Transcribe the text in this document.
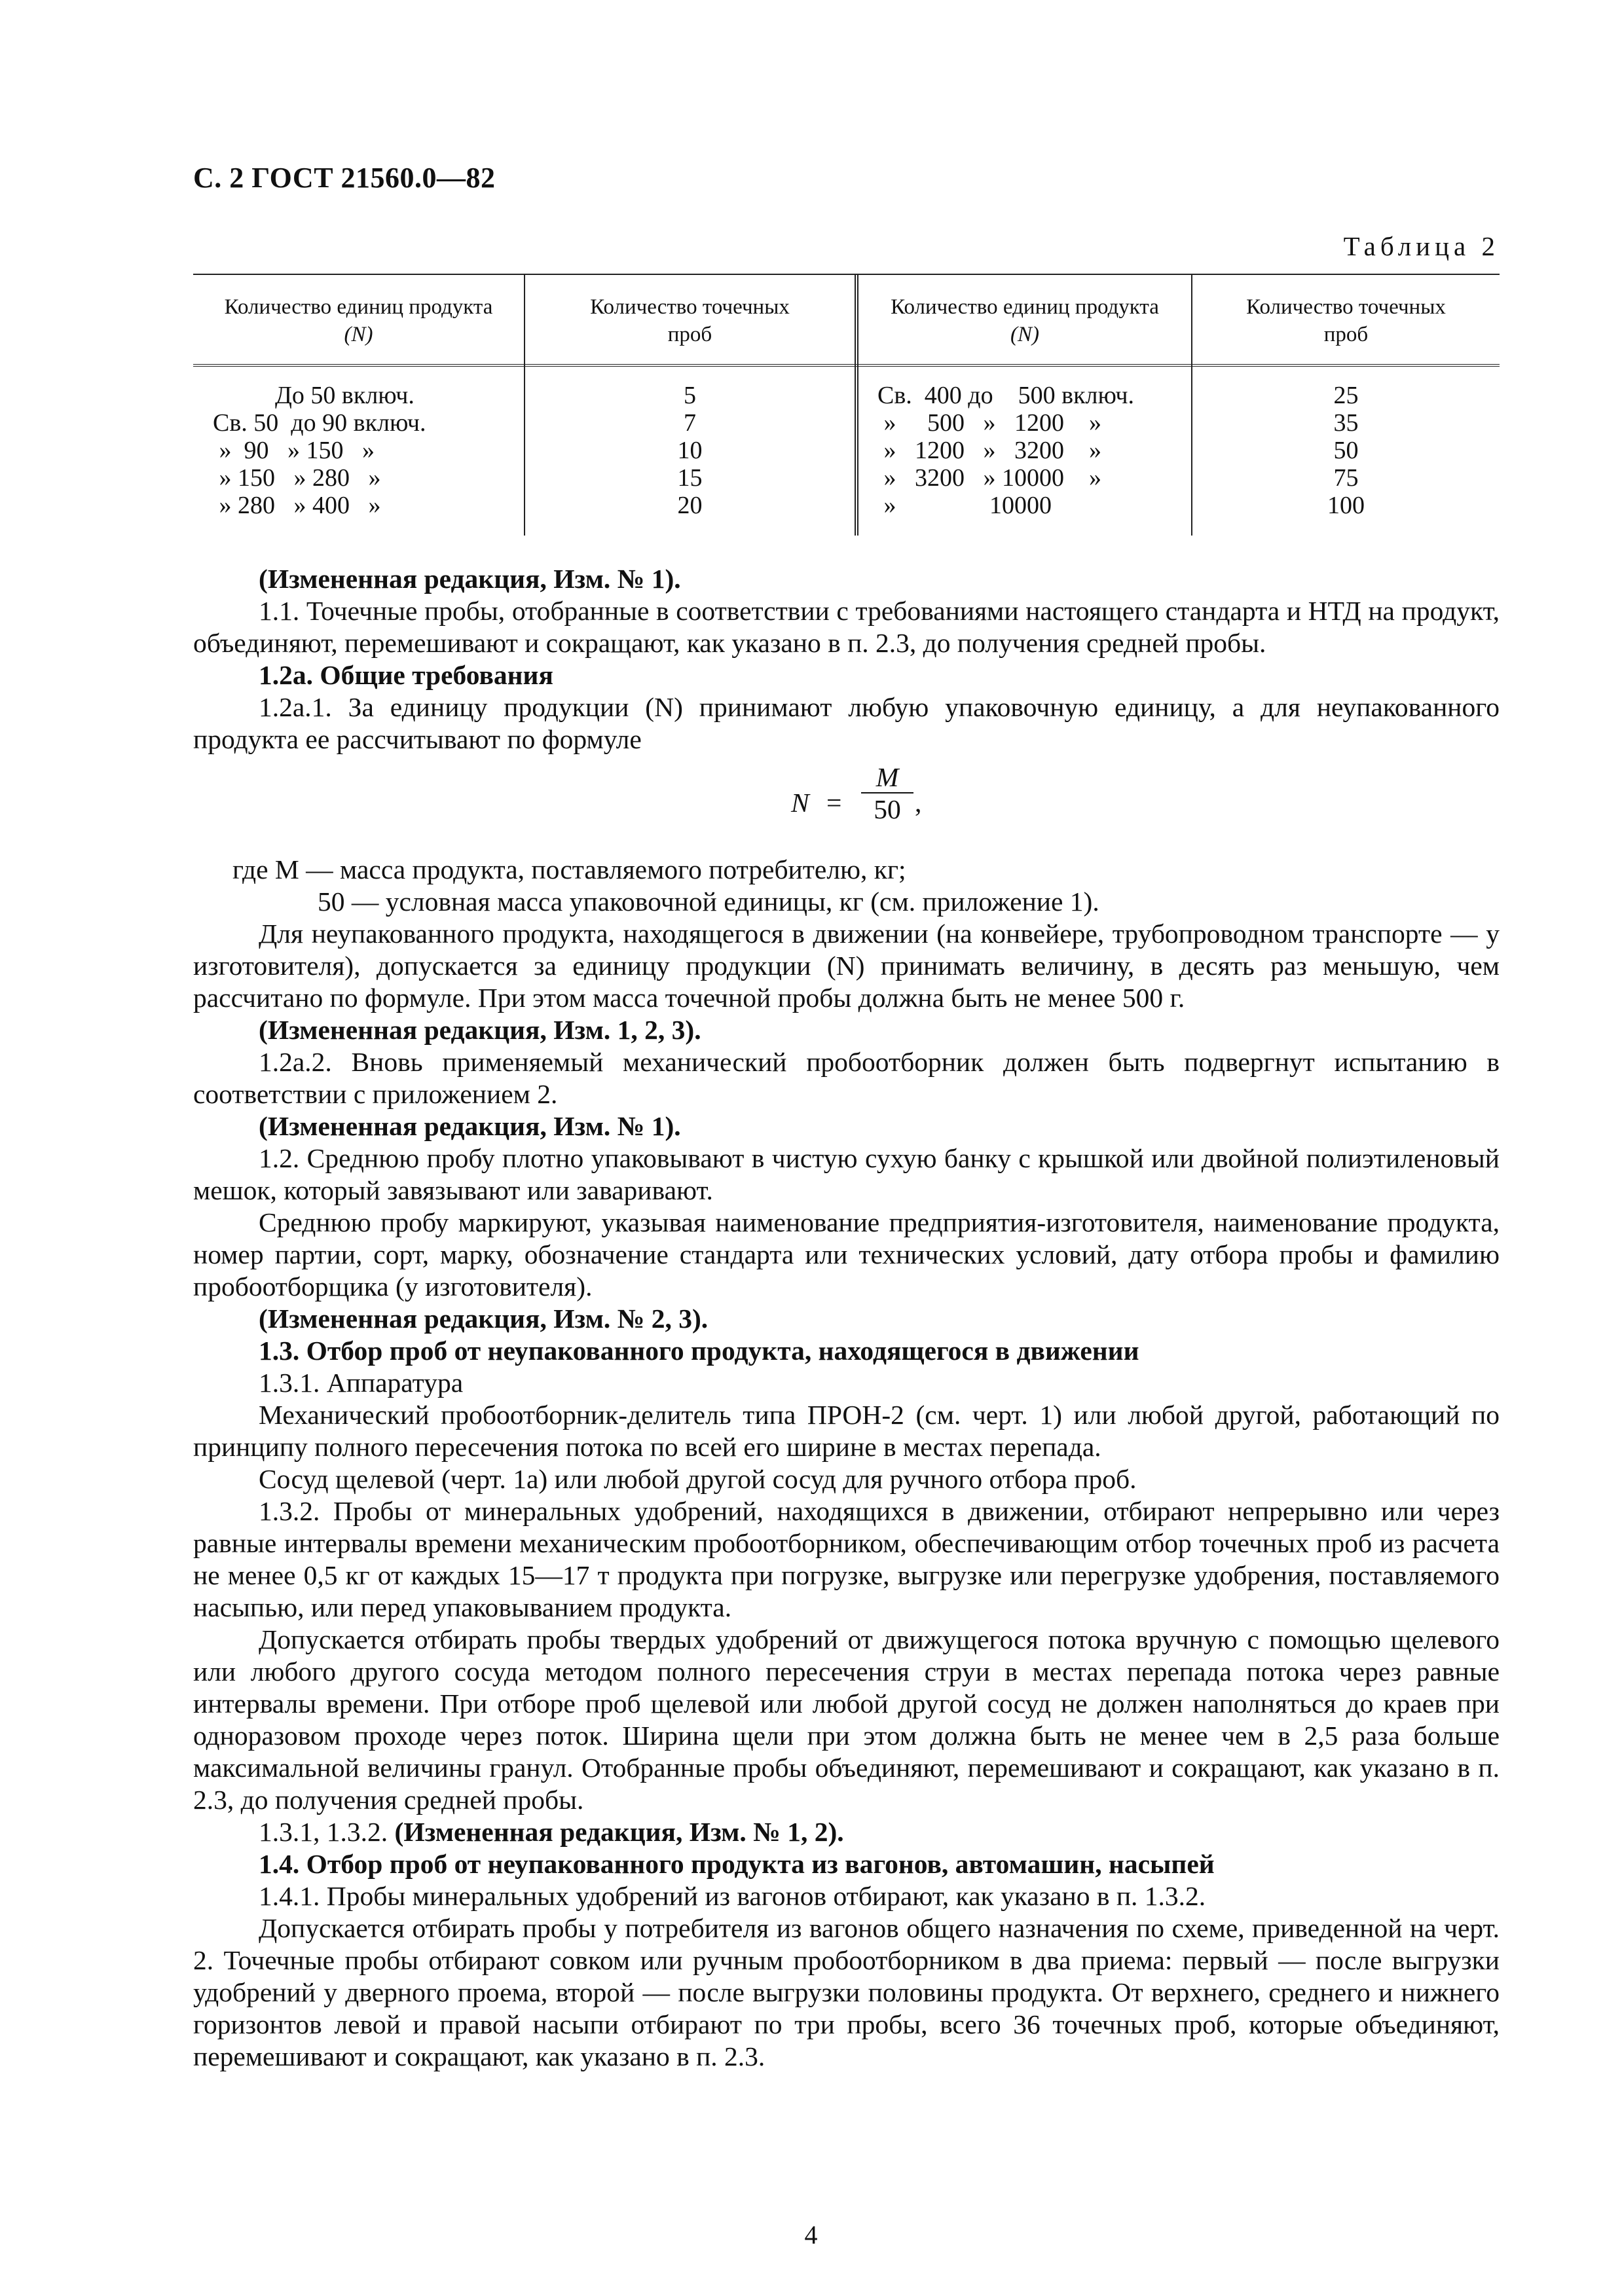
С. 2 ГОСТ 21560.0—82
Таблица 2
Количество единиц продукта
(N)
Количество точечных
проб
Количество единиц продукта
(N)
Количество точечных
проб
До 50 включ.
Св. 50  до 90 включ.
»  90   » 150   »
» 150   » 280   »
» 280   » 400   »
5
7
10
15
20
Св.  400 до    500 включ.
»     500   »   1200    »
»   1200   »   3200    »
»   3200   » 10000    »
»               10000
25
35
50
75
100

(Измененная редакция, Изм. № 1).

1.1. Точечные пробы, отобранные в соответствии с требованиями настоящего стандарта и НТД на продукт, объединяют, перемешивают и сокращают, как указано в п. 2.3, до получения средней пробы.

1.2а. Общие требования

1.2а.1. За единицу продукции (N) принимают любую упаковочную единицу, а для неупакованного продукта ее рассчитывают по формуле

$N = \frac{M}{50}$ ,

где М — масса продукта, поставляемого потребителю, кг;

50 — условная масса упаковочной единицы, кг (см. приложение 1).

Для неупакованного продукта, находящегося в движении (на конвейере, трубопроводном транспорте — у изготовителя), допускается за единицу продукции (N) принимать величину, в десять раз меньшую, чем рассчитано по формуле. При этом масса точечной пробы должна быть не менее 500 г.

(Измененная редакция, Изм. 1, 2, 3).

1.2а.2. Вновь применяемый механический пробоотборник должен быть подвергнут испытанию в соответствии с приложением 2.

(Измененная редакция, Изм. № 1).

1.2. Среднюю пробу плотно упаковывают в чистую сухую банку с крышкой или двойной полиэтиленовый мешок, который завязывают или заваривают.

Среднюю пробу маркируют, указывая наименование предприятия-изготовителя, наименование продукта, номер партии, сорт, марку, обозначение стандарта или технических условий, дату отбора пробы и фамилию пробоотборщика (у изготовителя).

(Измененная редакция, Изм. № 2, 3).

1.3. Отбор проб от неупакованного продукта, находящегося в движении

1.3.1. Аппаратура

Механический пробоотборник-делитель типа ПРОН-2 (см. черт. 1) или любой другой, работающий по принципу полного пересечения потока по всей его ширине в местах перепада.

Сосуд щелевой (черт. 1а) или любой другой сосуд для ручного отбора проб.

1.3.2. Пробы от минеральных удобрений, находящихся в движении, отбирают непрерывно или через равные интервалы времени механическим пробоотборником, обеспечивающим отбор точечных проб из расчета не менее 0,5 кг от каждых 15—17 т продукта при погрузке, выгрузке или перегрузке удобрения, поставляемого насыпью, или перед упаковыванием продукта.

Допускается отбирать пробы твердых удобрений от движущегося потока вручную с помощью щелевого или любого другого сосуда методом полного пересечения струи в местах перепада потока через равные интервалы времени. При отборе проб щелевой или любой другой сосуд не должен наполняться до краев при одноразовом проходе через поток. Ширина щели при этом должна быть не менее чем в 2,5 раза больше максимальной величины гранул. Отобранные пробы объединяют, перемешивают и сокращают, как указано в п. 2.3, до получения средней пробы.

1.3.1, 1.3.2. (Измененная редакция, Изм. № 1, 2).

1.4. Отбор проб от неупакованного продукта из вагонов, автомашин, насыпей

1.4.1. Пробы минеральных удобрений из вагонов отбирают, как указано в п. 1.3.2.

Допускается отбирать пробы у потребителя из вагонов общего назначения по схеме, приведенной на черт. 2. Точечные пробы отбирают совком или ручным пробоотборником в два приема: первый — после выгрузки удобрений у дверного проема, второй — после выгрузки половины продукта. От верхнего, среднего и нижнего горизонтов левой и правой насыпи отбирают по три пробы, всего 36 точечных проб, которые объединяют, перемешивают и сокращают, как указано в п. 2.3.

4
